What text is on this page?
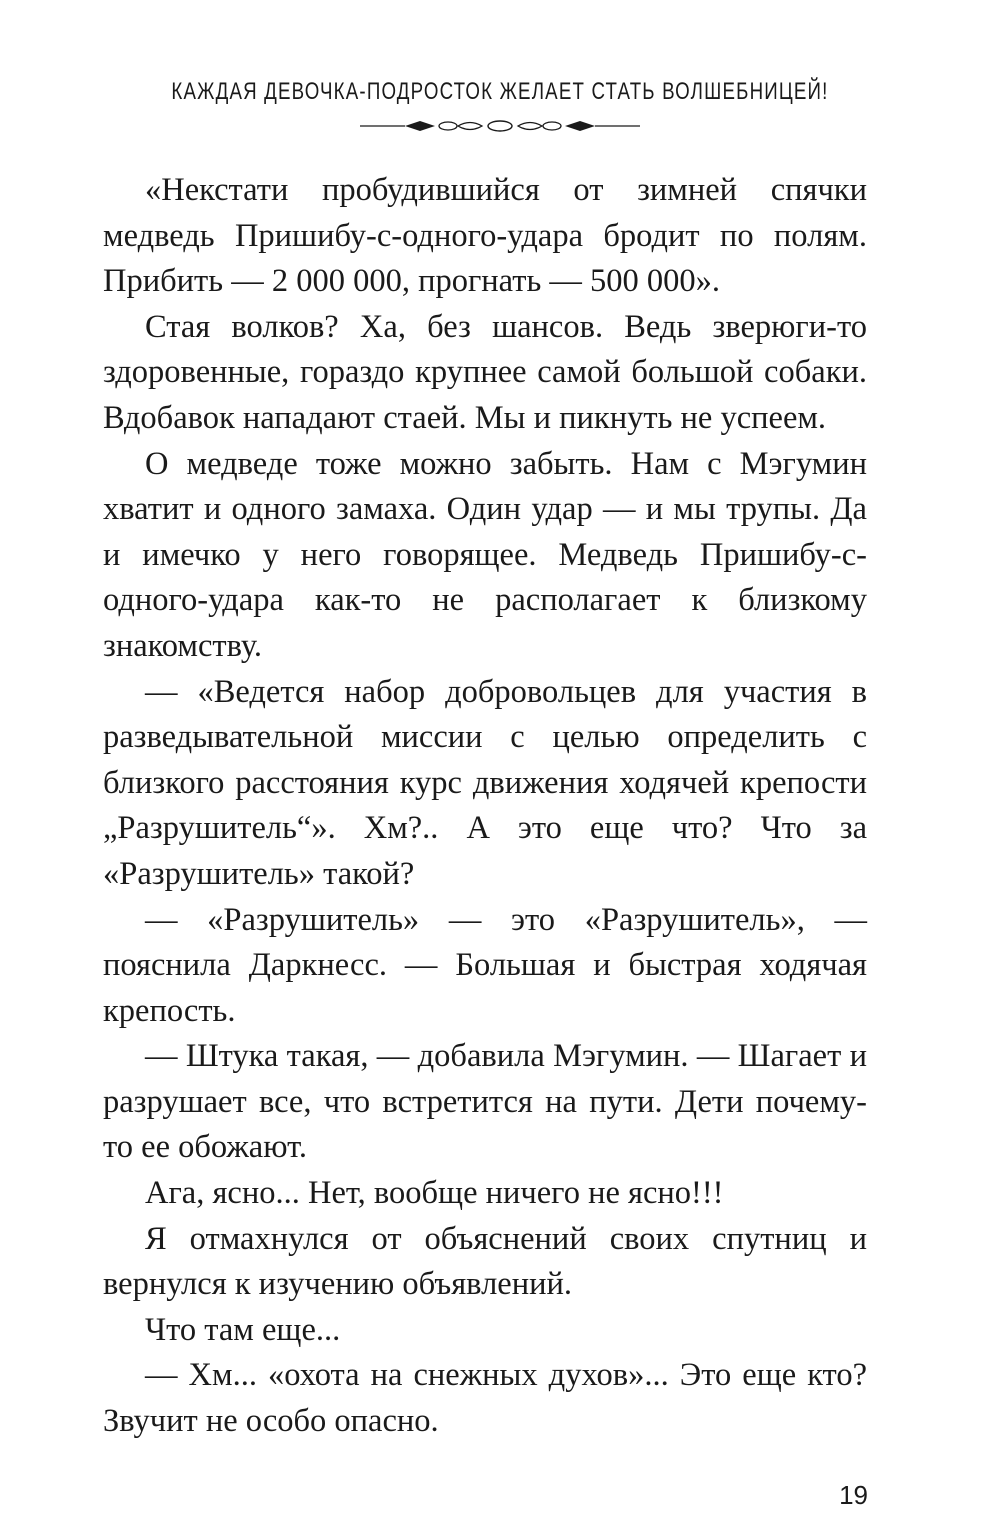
КАЖДАЯ ДЕВОЧКА-ПОДРОСТОК ЖЕЛАЕТ СТАТЬ ВОЛШЕБНИЦЕЙ!

«Некстати пробудившийся от зимней спячки медведь Пришибу-с-одного-удара бродит по полям. Прибить — 2 000 000, прогнать — 500 000».

Стая волков? Ха, без шансов. Ведь зверюги-то здоровенные, гораздо крупнее самой большой собаки. Вдобавок нападают стаей. Мы и пикнуть не успеем.

О медведе тоже можно забыть. Нам с Мэгумин хватит и одного замаха. Один удар — и мы трупы. Да и имечко у него говорящее. Медведь Пришибу-с-одного-удара как-то не располагает к близкому знакомству.

— «Ведется набор добровольцев для участия в разведывательной миссии с целью определить с близкого расстояния курс движения ходячей крепости „Разрушитель“». Хм?.. А это еще что? Что за «Разрушитель» такой?

— «Разрушитель» — это «Разрушитель», — пояснила Даркнесс. — Большая и быстрая ходячая крепость.

— Штука такая, — добавила Мэгумин. — Шагает и разрушает все, что встретится на пути. Дети почему-то ее обожают.

Ага, ясно... Нет, вообще ничего не ясно!!!

Я отмахнулся от объяснений своих спутниц и вернулся к изучению объявлений.

Что там еще...

— Хм... «охота на снежных духов»... Это еще кто? Звучит не особо опасно.

19
